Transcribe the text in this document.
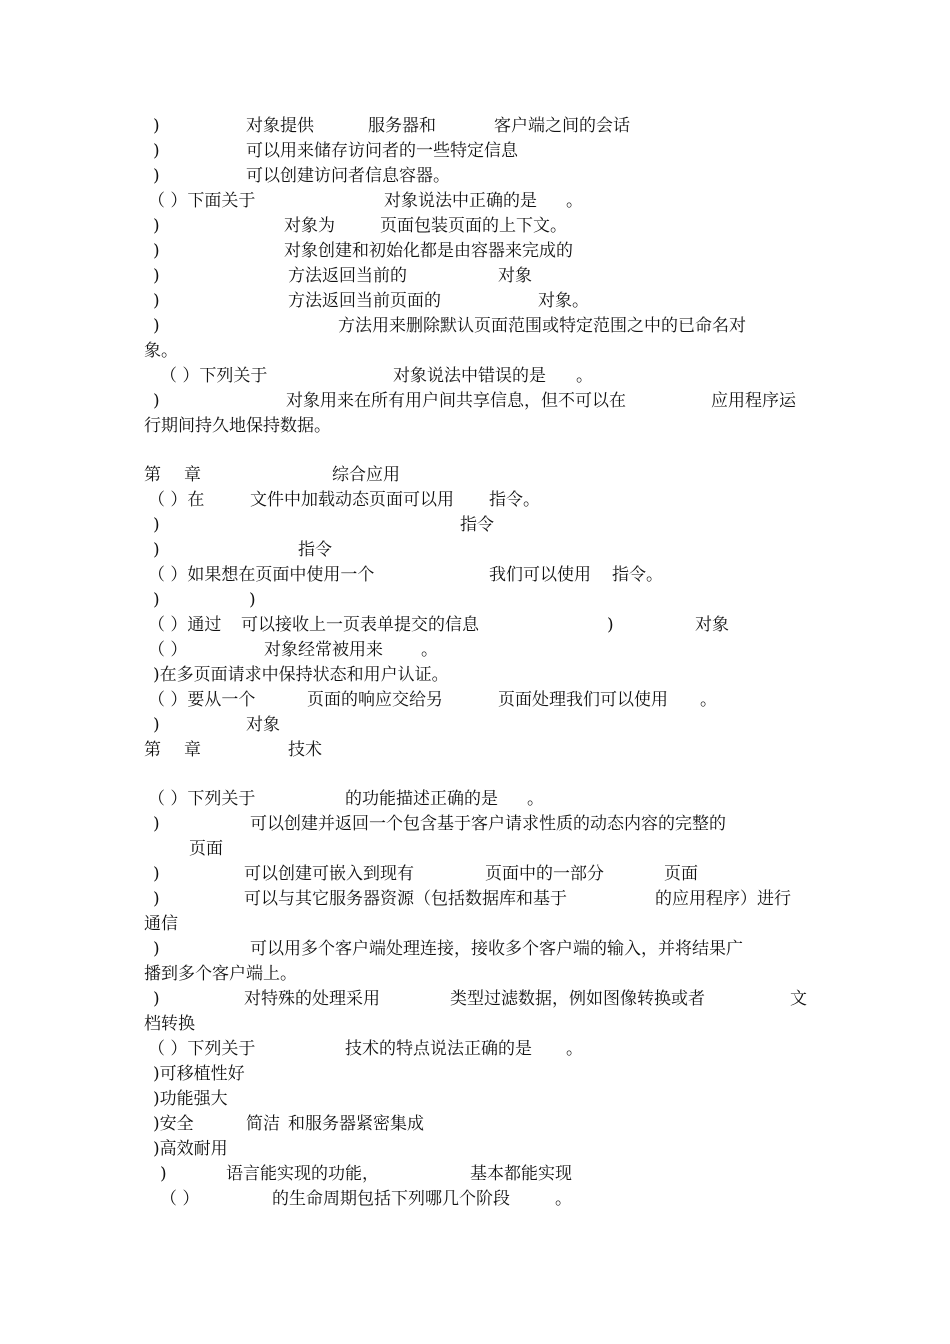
)	对象提供	服务器和	客户端之间的会话
)	可以用来储存访问者的一些特定信息
)	可以创建访问者信息容器。
（ ）下面关于	对象说法中正确的是 。
)	对象为	页面包装页面的上下文。
)	对象创建和初始化都是由容器来完成的
)	方法返回当前的	对象
)	方法返回当前页面的	对象。
)	方法用来删除默认页面范围或特定范围之中的已命名对
象。
（ ）下列关于	对象说法中错误的是 。
)	对象用来在所有用户间共享信息，但不可以在	应用程序运
行期间持久地保持数据。
第 章	综合应用
（ ）在	文件中加载动态页面可以用 指令。
)	指令
)	指令
（ ）如果想在页面中使用一个	我们可以使用 指令。
)	)
（ ）通过 可以接收上一页表单提交的信息	)	对象
（ ）	对象经常被用来 。
)在多页面请求中保持状态和用户认证。
（ ）要从一个	页面的响应交给另	页面处理我们可以使用 。
)	对象
第 章	技术
（ ）下列关于	的功能描述正确的是 。
)	可以创建并返回一个包含基于客户请求性质的动态内容的完整的
页面
)	可以创建可嵌入到现有	页面中的一部分	页面
)	可以与其它服务器资源（包括数据库和基于	的应用程序）进行
通信
)	可以用多个客户端处理连接，接收多个客户端的输入，并将结果广
播到多个客户端上。
)	对特殊的处理采用	类型过滤数据，例如图像转换或者	文
档转换
（ ）下列关于	技术的特点说法正确的是 。
)可移植性好
)功能强大
)安全	简洁 和服务器紧密集成
)高效耐用
)	语言能实现的功能，	基本都能实现
（ ）	的生命周期包括下列哪几个阶段	。
